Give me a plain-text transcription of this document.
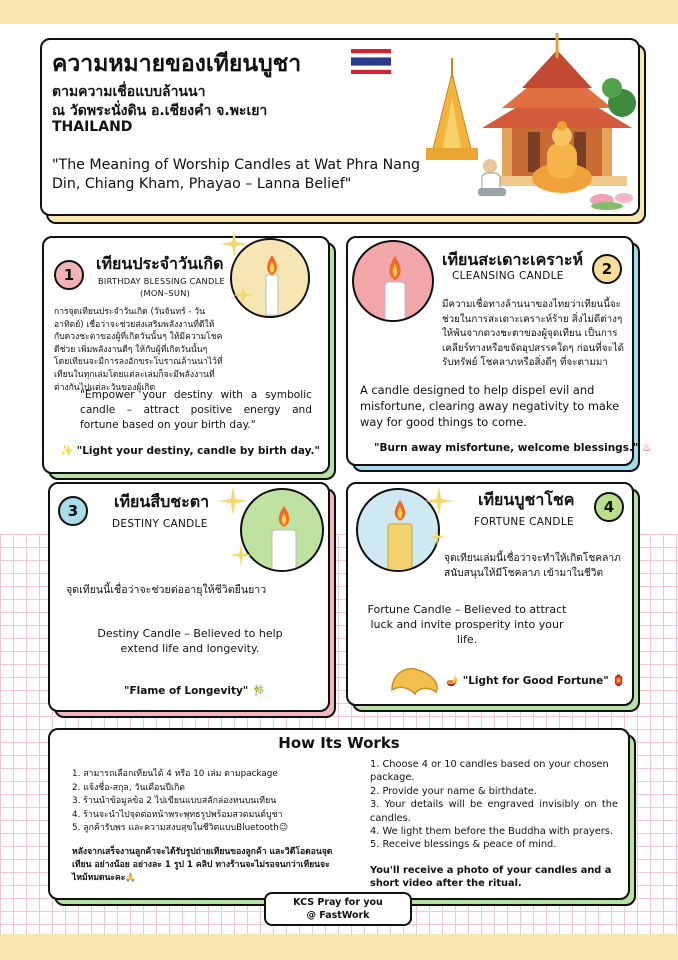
ความหมายของเทียนบูชา
ตามความเชื่อแบบล้านนา
ณ วัดพระนั่งดิน อ.เชียงคำ จ.พะเยา
THAILAND
"The Meaning of Worship Candles at Wat Phra Nang Din, Chiang Kham, Phayao – Lanna Belief"
1
เทียนประจำวันเกิด
BIRTHDAY BLESSING CANDLE
(MON–SUN)
การจุดเทียนประจำวันเกิด (วันจันทร์ - วันอาทิตย์) เชื่อว่าจะช่วยส่งเสริมพลังงานที่ดีให้กับดวงชะตาของผู้ที่เกิดวันนั้นๆ ให้มีความโชคดีช่วย เพิ่มพลังงานดีๆ ให้กับผู้ที่เกิดวันนั้นๆ โดยเทียนจะมีการลงอักขระโบราณล้านนาไว้ที่เทียนในทุกเล่มโดยแต่ละเล่มก็จะมีพลังงานที่ต่างกันไปแต่ละวันของผู้เกิด
"Empower your destiny with a symbolic candle – attract positive energy and fortune based on your birth day."
✨ "Light your destiny, candle by birth day."
เทียนสะเดาะเคราะห์
CLEANSING CANDLE	2
มีความเชื่อทางล้านนาของไทยว่าเทียนนี้จะช่วยในการสะเดาะเคราะห์ร้าย สิ่งไม่ดีต่างๆ ให้พ้นจากดวงชะตาของผู้จุดเทียน เป็นการเคลียร์ทางหรือขจัดอุปสรรคใดๆ ก่อนที่จะได้รับทรัพย์ โชคลาภหรือสิ่งดีๆ ที่จะตามมา
A candle designed to help dispel evil and misfortune, clearing away negativity to make way for good things to come.
"Burn away misfortune, welcome blessings." ♨
3	เทียนสืบชะตา
DESTINY CANDLE
จุดเทียนนี้เชื่อว่าจะช่วยต่ออายุให้ชีวิตยืนยาว
Destiny Candle – Believed to help extend life and longevity.
"Flame of Longevity" 🎋
เทียนบูชาโชค	4
FORTUNE CANDLE
จุดเทียนเล่มนี้เชื่อว่าจะทำให้เกิดโชคลาภ สนับสนุนให้มีโชคลาภ เข้ามาในชีวิต
Fortune Candle – Believed to attract luck and invite prosperity into your life.
🪔 "Light for Good Fortune" 🏮
How Its Works
1. สามารถเลือกเทียนได้ 4 หรือ 10 เล่ม ตามpackage
2. แจ้งชื่อ-สกุล, วันเดือนปีเกิด
3. ร้านนำข้อมูลข้อ 2 ไปเขียนแบบสลักล่องหนบนเทียน
4. ร้านจะนำไปจุดต่อหน้าพระพุทธรูปพร้อมสวดมนต์บูชา
5. ลูกค้ารับพร และความสงบสุขในชีวิตแบบBluetooth😉
หลังจากเสร็จงานลูกค้าจะได้รับรูปถ่ายเทียนของลูกค้า และวิดีโอตอนจุดเทียน อย่างน้อย อย่างละ 1 รูป 1 คลิป ทางร้านจะไม่รอจนกว่าเทียนจะไหม้หมดนะคะ🙏
1. Choose 4 or 10 candles based on your chosen package.
2. Provide your name & birthdate.
3. Your details will be engraved invisibly on the candles.
4. We light them before the Buddha with prayers.
5. Receive blessings & peace of mind.
You'll receive a photo of your candles and a short video after the ritual.
KCS Pray for you
@ FastWork
